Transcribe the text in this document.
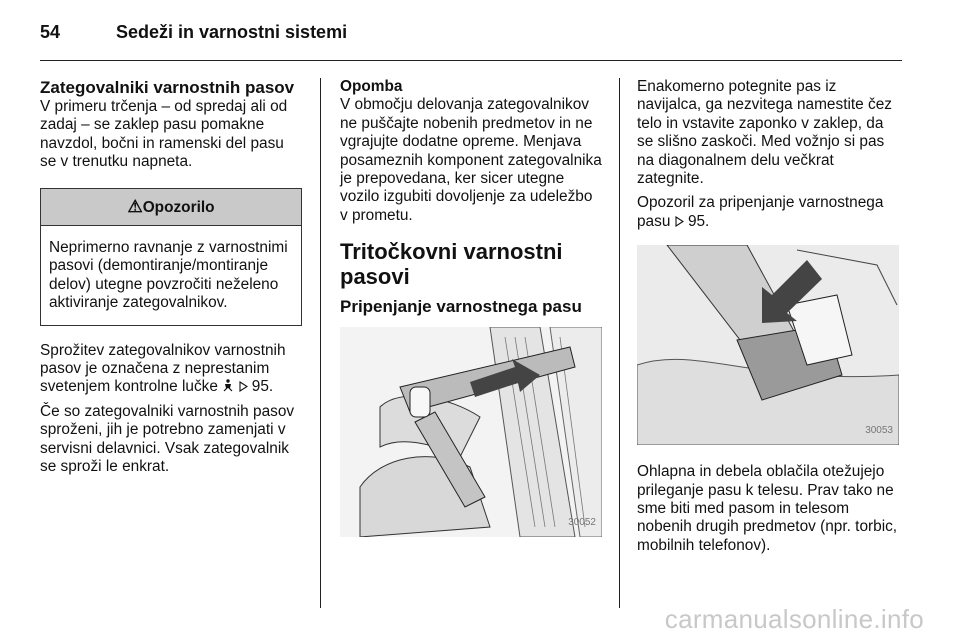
54	Sedeži in varnostni sistemi
Zategovalniki varnostnih pasov

V primeru trčenja – od spredaj ali od zadaj – se zaklep pasu pomakne navzdol, bočni in ramenski del pasu se v trenutku napneta.

⚠Opozorilo
Neprimerno ravnanje z varnostnimi pasovi (demontiranje/montiranje delov) utegne povzročiti neželeno aktiviranje zategovalnikov.

Sprožitev zategovalnikov varnostnih pasov je označena z neprestanim svetenjem kontrolne lučke 95.

Če so zategovalniki varnostnih pasov sproženi, jih je potrebno zamenjati v servisni delavnici. Vsak zategovalnik se sproži le enkrat.

Opomba

V območju delovanja zategovalnikov ne puščajte nobenih predmetov in ne vgrajujte dodatne opreme. Menjava posameznih komponent zategovalnika je prepovedana, ker sicer utegne vozilo izgubiti dovoljenje za udeležbo v prometu.

Tritočkovni varnostni pasovi
Pripenjanje varnostnega pasu
30052

Enakomerno potegnite pas iz navijalca, ga nezvitega namestite čez telo in vstavite zaponko v zaklep, da se slišno zaskoči. Med vožnjo si pas na diagonalnem delu večkrat zategnite.

Opozoril za pripenjanje varnostnega pasu 95.

30053

Ohlapna in debela oblačila otežujejo prileganje pasu k telesu. Prav tako ne sme biti med pasom in telesom nobenih drugih predmetov (npr. torbic, mobilnih telefonov).

carmanualsonline.info
